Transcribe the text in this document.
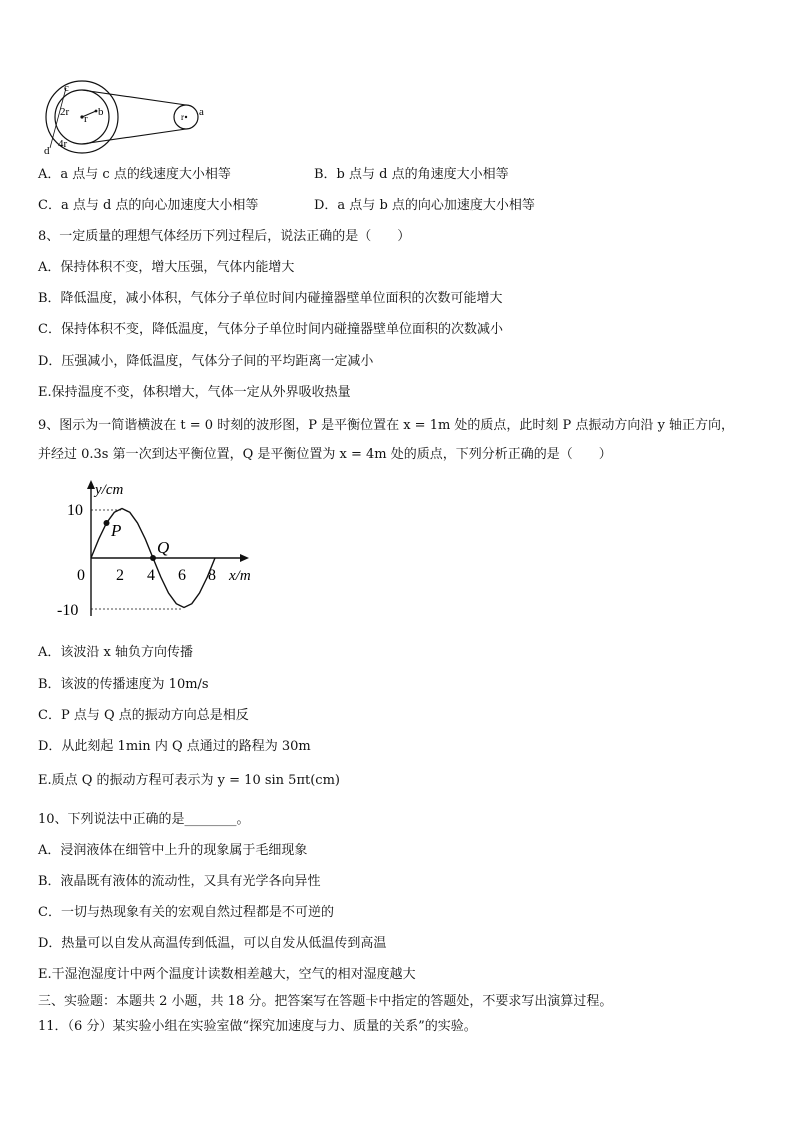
c
2r
r
b	a
d
4r
r
A．a 点与 c 点的线速度大小相等	B．b 点与 d 点的角速度大小相等
C．a 点与 d 点的向心加速度大小相等	D．a 点与 b 点的向心加速度大小相等
8、一定质量的理想气体经历下列过程后，说法正确的是（　　）
A．保持体积不变，增大压强，气体内能增大
B．降低温度，减小体积，气体分子单位时间内碰撞器壁单位面积的次数可能增大
C．保持体积不变，降低温度，气体分子单位时间内碰撞器壁单位面积的次数减小
D．压强减小，降低温度，气体分子间的平均距离一定减小
E.保持温度不变，体积增大，气体一定从外界吸收热量
9、图示为一简谐横波在 t = 0 时刻的波形图，P 是平衡位置在 x = 1m 处的质点，此时刻 P 点振动方向沿 y 轴正方向，
并经过 0.3s 第一次到达平衡位置，Q 是平衡位置为 x = 4m 处的质点，下列分析正确的是（　　）
y/cm
x/m
0 2 4 6 8
10
-10
P
Q
A．该波沿 x 轴负方向传播
B．该波的传播速度为 10m/s
C．P 点与 Q 点的振动方向总是相反
D．从此刻起 1min 内 Q 点通过的路程为 30m
E.质点 Q 的振动方程可表示为 y = 10 sin 5πt(cm)
10、下列说法中正确的是________。
A．浸润液体在细管中上升的现象属于毛细现象
B．液晶既有液体的流动性，又具有光学各向异性
C．一切与热现象有关的宏观自然过程都是不可逆的
D．热量可以自发从高温传到低温，可以自发从低温传到高温
E.干湿泡湿度计中两个温度计读数相差越大，空气的相对湿度越大
三、实验题：本题共 2 小题，共 18 分。把答案写在答题卡中指定的答题处，不要求写出演算过程。
11．（6 分）某实验小组在实验室做“探究加速度与力、质量的关系”的实验。
